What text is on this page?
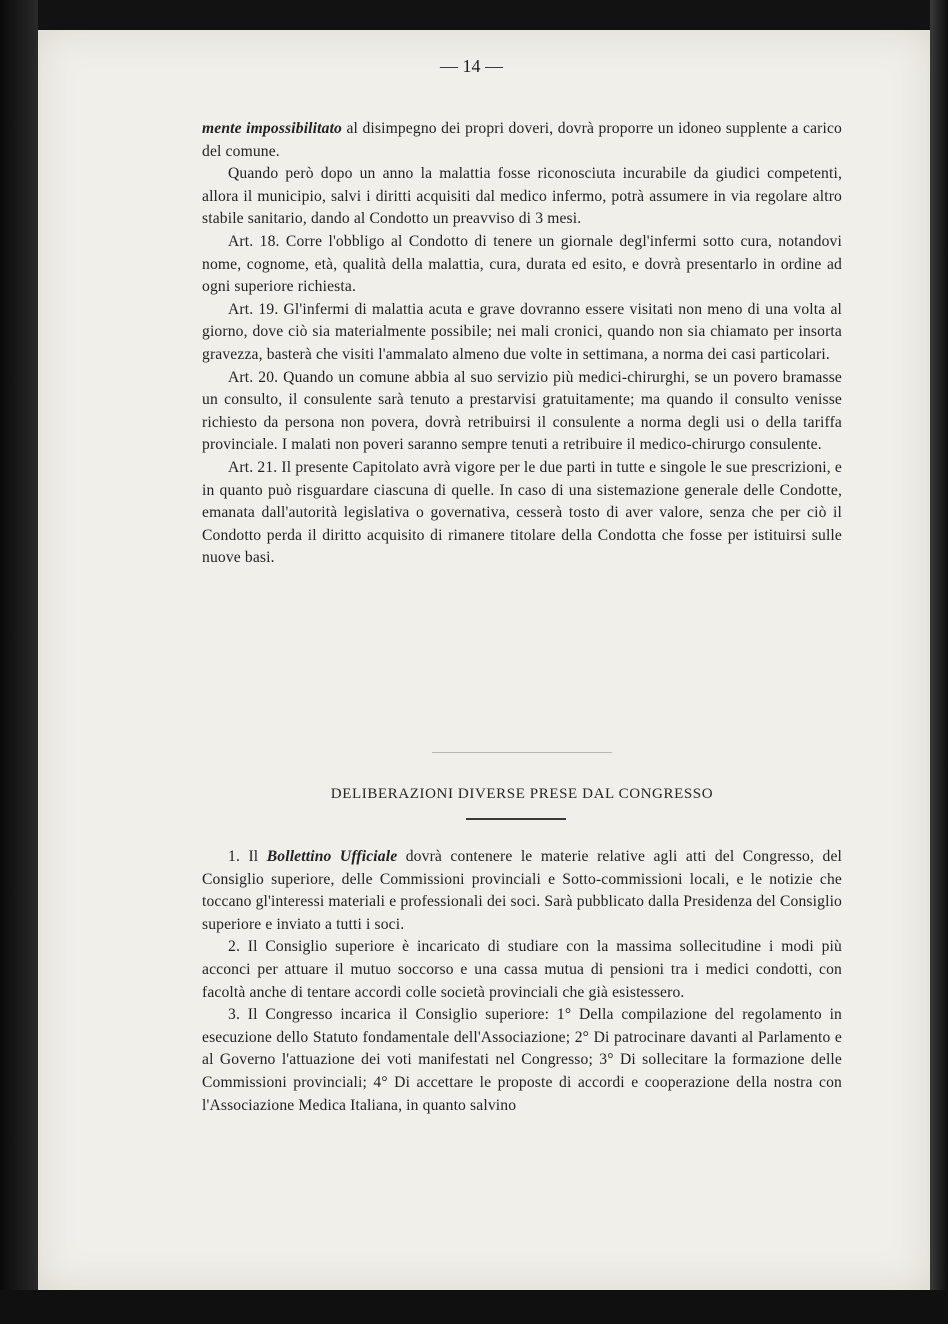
— 14 —

mente impossibilitato al disimpegno dei propri doveri, dovrà proporre un idoneo supplente a carico del comune.

Quando però dopo un anno la malattia fosse riconosciuta incurabile da giudici competenti, allora il municipio, salvi i diritti acquisiti dal medico infermo, potrà assumere in via regolare altro stabile sanitario, dando al Condotto un preavviso di 3 mesi.

Art. 18. Corre l'obbligo al Condotto di tenere un giornale degl'infermi sotto cura, notandovi nome, cognome, età, qualità della malattia, cura, durata ed esito, e dovrà presentarlo in ordine ad ogni superiore richiesta.

Art. 19. Gl'infermi di malattia acuta e grave dovranno essere visitati non meno di una volta al giorno, dove ciò sia materialmente possibile; nei mali cronici, quando non sia chiamato per insorta gravezza, basterà che visiti l'ammalato almeno due volte in settimana, a norma dei casi particolari.

Art. 20. Quando un comune abbia al suo servizio più medici-chirurghi, se un povero bramasse un consulto, il consulente sarà tenuto a prestarvisi gratuitamente; ma quando il consulto venisse richiesto da persona non povera, dovrà retribuirsi il consulente a norma degli usi o della tariffa provinciale. I malati non poveri saranno sempre tenuti a retribuire il medico-chirurgo consulente.

Art. 21. Il presente Capitolato avrà vigore per le due parti in tutte e singole le sue prescrizioni, e in quanto può risguardare ciascuna di quelle. In caso di una sistemazione generale delle Condotte, emanata dall'autorità legislativa o governativa, cesserà tosto di aver valore, senza che per ciò il Condotto perda il diritto acquisito di rimanere titolare della Condotta che fosse per istituirsi sulle nuove basi.

DELIBERAZIONI DIVERSE PRESE DAL CONGRESSO

1. Il Bollettino Ufficiale dovrà contenere le materie relative agli atti del Congresso, del Consiglio superiore, delle Commissioni provinciali e Sotto-commissioni locali, e le notizie che toccano gl'interessi materiali e professionali dei soci. Sarà pubblicato dalla Presidenza del Consiglio superiore e inviato a tutti i soci.

2. Il Consiglio superiore è incaricato di studiare con la massima sollecitudine i modi più acconci per attuare il mutuo soccorso e una cassa mutua di pensioni tra i medici condotti, con facoltà anche di tentare accordi colle società provinciali che già esistessero.

3. Il Congresso incarica il Consiglio superiore: 1° Della compilazione del regolamento in esecuzione dello Statuto fondamentale dell'Associazione; 2° Di patrocinare davanti al Parlamento e al Governo l'attuazione dei voti manifestati nel Congresso; 3° Di sollecitare la formazione delle Commissioni provinciali; 4° Di accettare le proposte di accordi e cooperazione della nostra con l'Associazione Medica Italiana, in quanto salvino
